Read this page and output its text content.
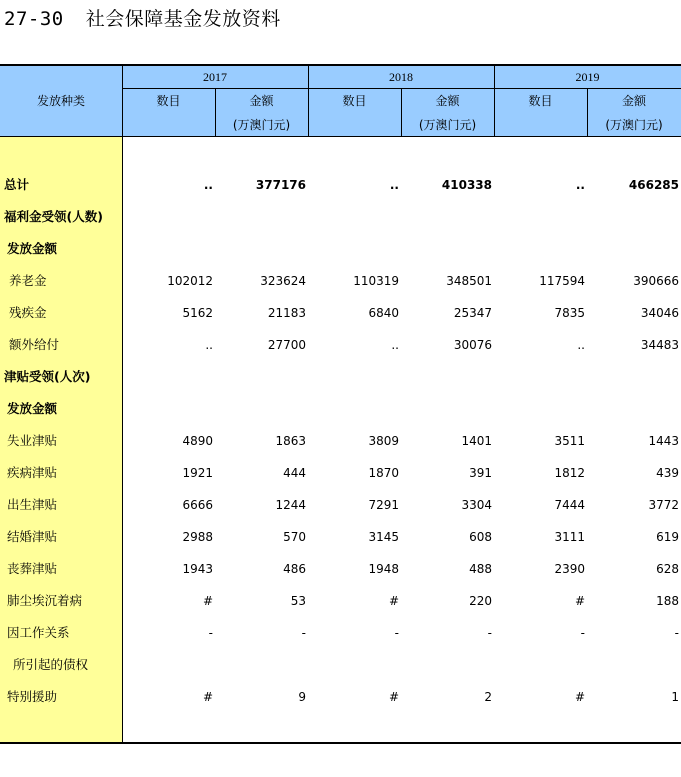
27-30 社会保障基金发放资料
发放种类
2017	2018	2019
数目	金额
(万澳门元)
数目	金额
(万澳门元)
数目	金额
(万澳门元)
总计	..	377176	..	410338	..	466285
福利金受领(人数)
发放金额
养老金	102012	323624	110319	348501	117594	390666
残疾金	5162	21183	6840	25347	7835	34046
额外给付	..	27700	..	30076	..	34483
津贴受领(人次)
发放金额
失业津贴	4890	1863	3809	1401	3511	1443
疾病津贴	1921	444	1870	391	1812	439
出生津贴	6666	1244	7291	3304	7444	3772
结婚津贴	2988	570	3145	608	3111	619
丧葬津贴	1943	486	1948	488	2390	628
肺尘埃沉着病	#	53	#	220	#	188
因工作关系	-	-	-	-	-	-
所引起的债权
特别援助	#	9	#	2	#	1
